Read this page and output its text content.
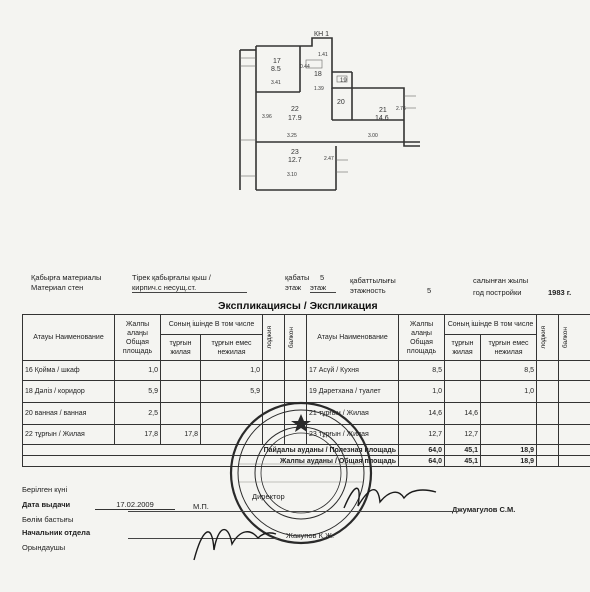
КН 1
17
8.5
18
19
20
21
14.6
22
17.9
23
12.7
3.41
0.44
1.41
1.39
3.25	3.00
3.10
3.96
2.47
2.76
Қабырға материалы
Материал стен
Тірек қабырғалы қыш /
кирпич.с несущ.ст.
қабаты 5
этаж этаж
қабаттылығы
этажность	5
салынған жылы
год постройки	1983 г.
Экспликациясы / Экспликация
Атауы Наименование	Жалпы алаңы Общая площадь	Соның ішінде В том числе		лоджия	балкон	Атауы Наименование	Жалпы алаңы Общая площадь	Соның ішінде В том числе		лоджия	балкон

		тұрғын жилая	тұрғын емес нежилая					тұрғын жилая	тұрғын емес нежилая		
16 Қойма / шкаф	1,0		1,0			17 Асүй / Кухня	8,5		8,5		
18 Дәліз / коридор	5,9		5,9			19 Дәретхана / туалет	1,0		1,0		
20 ванная / ванная	2,5					21 тұрғын / Жилая	14,6	14,6			
22 тұрғын / Жилая	17,8	17,8				23 тұрғын / Жилая	12,7	12,7			
Пайдалы ауданы / Полезная площадь							64,0	45,1	18,9		
Жалпы ауданы / Общая площадь							64,0	45,1	18,9		
Берілген күні
Дата выдачи	17.02.2009	М.П.
Бөлім бастығы
Начальник отдела
Орындаушы
Директор
Джумагулов С.М.
Жакупов К.Ж.
